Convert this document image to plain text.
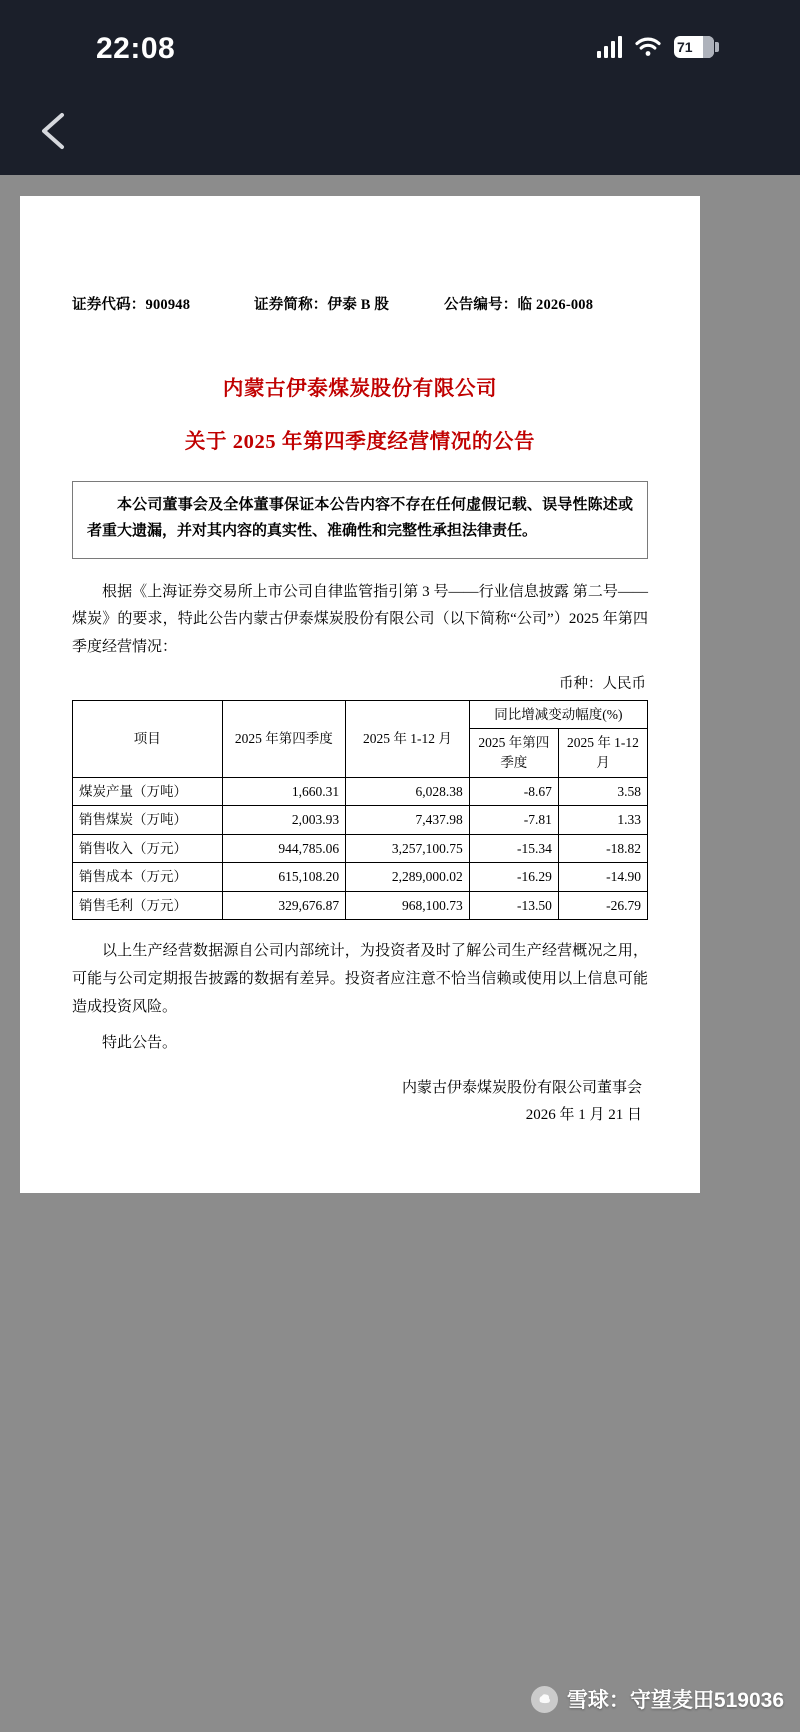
22:08	71
证券代码：900948	证券简称：伊泰 B 股	公告编号：临 2026-008
内蒙古伊泰煤炭股份有限公司
关于 2025 年第四季度经营情况的公告

本公司董事会及全体董事保证本公告内容不存在任何虚假记载、误导性陈述或者重大遗漏，并对其内容的真实性、准确性和完整性承担法律责任。

根据《上海证券交易所上市公司自律监管指引第 3 号——行业信息披露 第二号——煤炭》的要求，特此公告内蒙古伊泰煤炭股份有限公司（以下简称“公司”）2025 年第四季度经营情况：
币种：人民币
项目	2025 年第四季度	2025 年 1-12 月	同比增减变动幅度(%)	
			2025 年第四季度	2025 年 1-12 月
煤炭产量（万吨）	1,660.31	6,028.38	-8.67	3.58
销售煤炭（万吨）	2,003.93	7,437.98	-7.81	1.33
销售收入（万元）	944,785.06	3,257,100.75	-15.34	-18.82
销售成本（万元）	615,108.20	2,289,000.02	-16.29	-14.90
销售毛利（万元）	329,676.87	968,100.73	-13.50	-26.79
以上生产经营数据源自公司内部统计，为投资者及时了解公司生产经营概况之用，可能与公司定期报告披露的数据有差异。投资者应注意不恰当信赖或使用以上信息可能造成投资风险。
特此公告。
内蒙古伊泰煤炭股份有限公司董事会
2026 年 1 月 21 日
雪球：守望麦田519036
